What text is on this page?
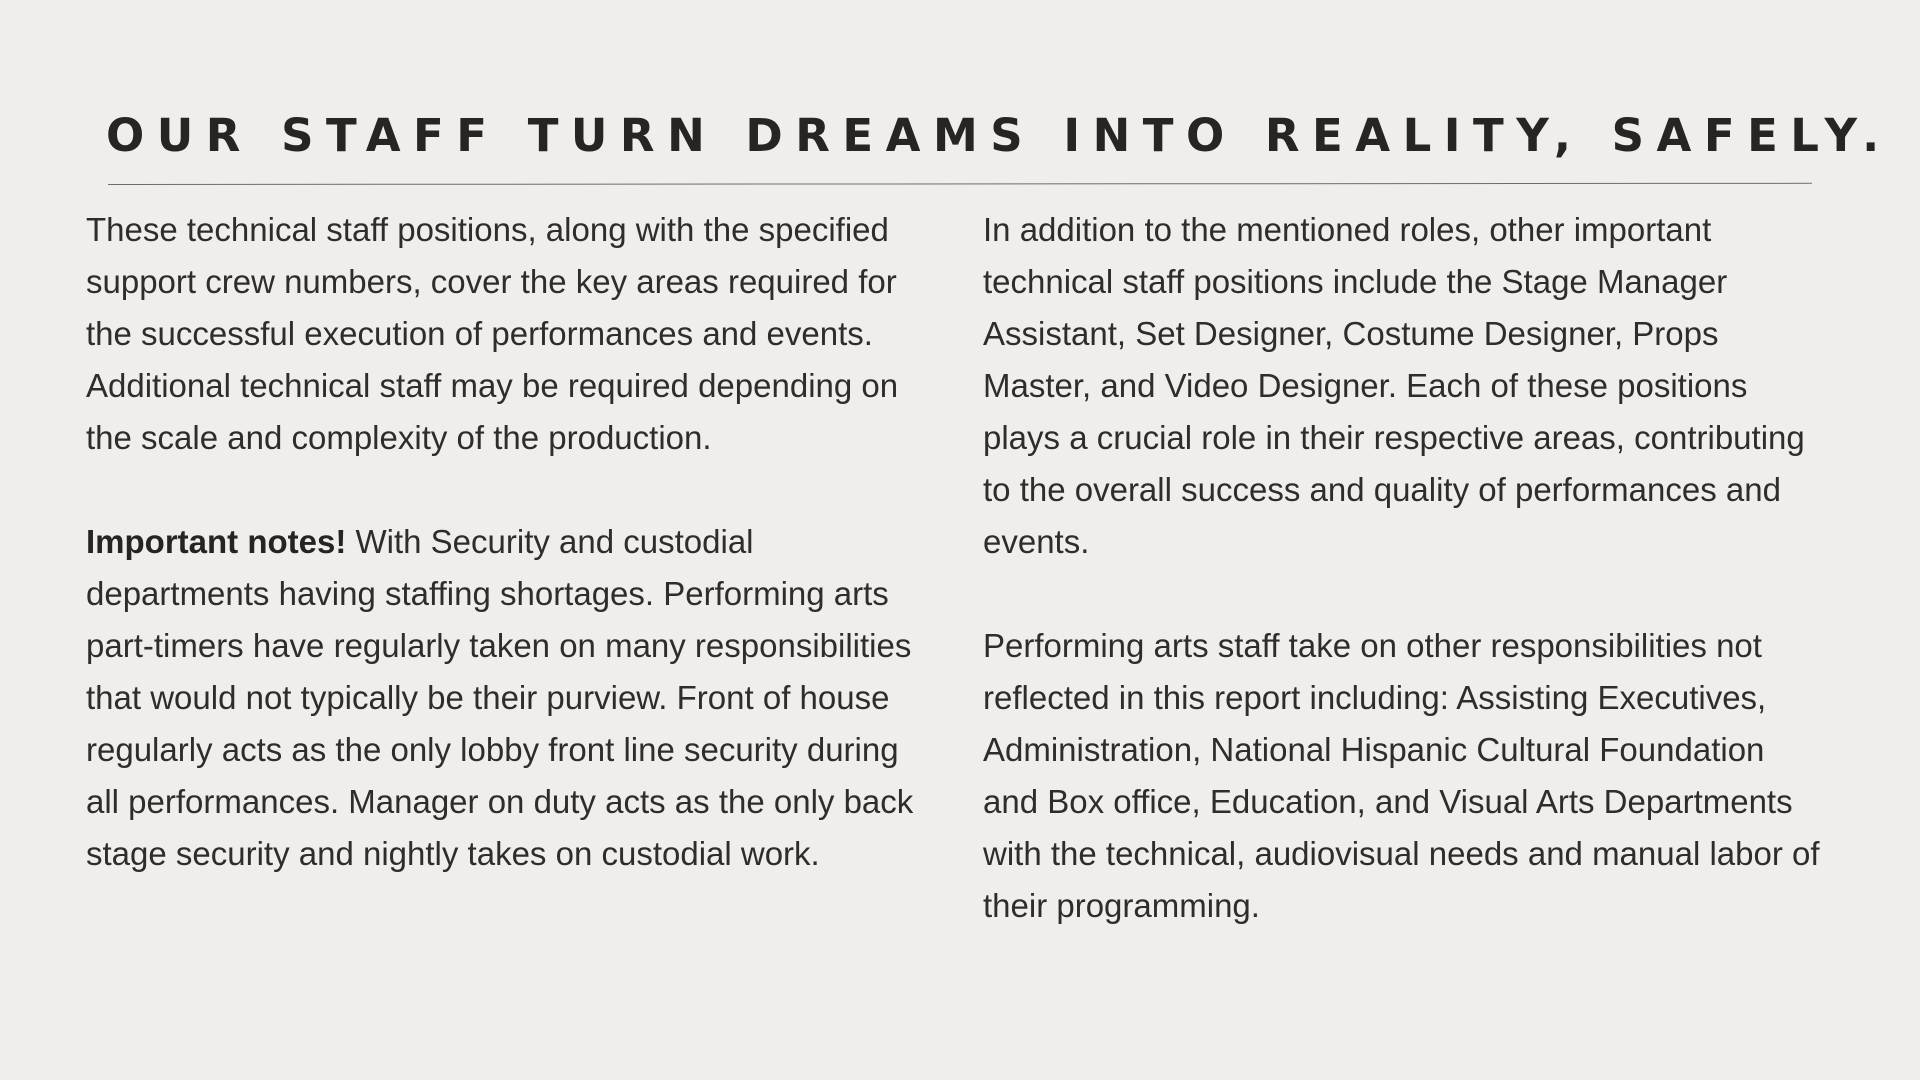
OUR STAFF TURN DREAMS INTO REALITY, SAFELY.

These technical staff positions, along with the specified support crew numbers, cover the key areas required for the successful execution of performances and events. Additional technical staff may be required depending on the scale and complexity of the production.

Important notes! With Security and custodial departments having staffing shortages. Performing arts part-timers have regularly taken on many responsibilities that would not typically be their purview. Front of house regularly acts as the only lobby front line security during all performances. Manager on duty acts as the only back stage security and nightly takes on custodial work.

In addition to the mentioned roles, other important technical staff positions include the Stage Manager Assistant, Set Designer, Costume Designer, Props Master, and Video Designer. Each of these positions plays a crucial role in their respective areas, contributing to the overall success and quality of performances and events.

Performing arts staff take on other responsibilities not reflected in this report including: Assisting Executives, Administration, National Hispanic Cultural Foundation and Box office, Education, and Visual Arts Departments with the technical, audiovisual needs and manual labor of their programming.
